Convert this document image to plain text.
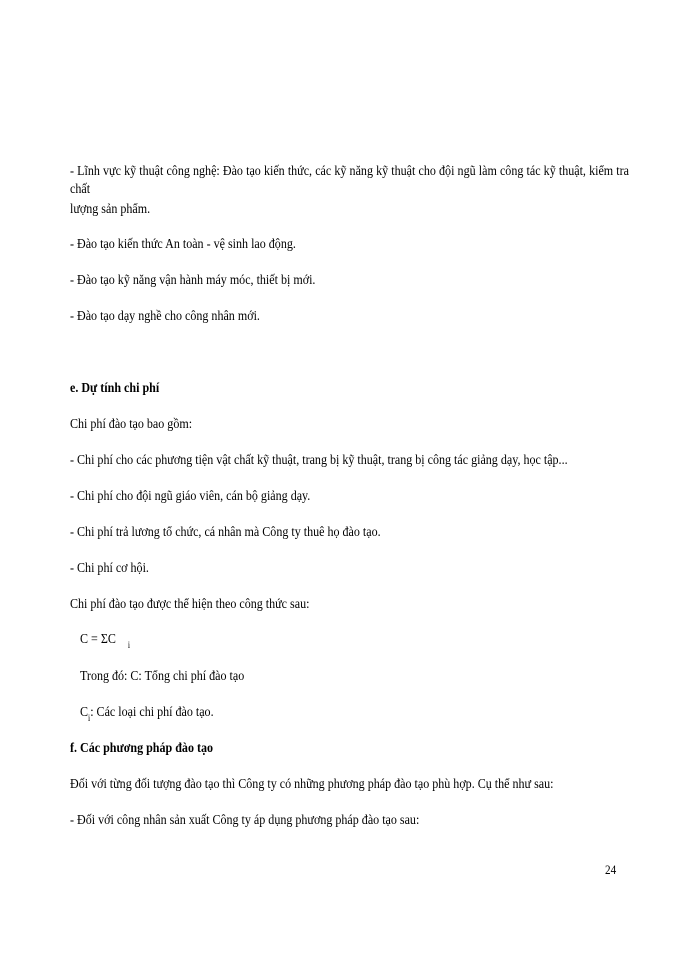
- Lĩnh vực kỹ thuật công nghệ: Đào tạo kiến thức, các kỹ năng kỹ thuật cho đội ngũ làm công tác kỹ thuật, kiểm tra chất
lượng sản phẩm.
- Đào tạo kiến thức An toàn - vệ sinh lao động.
- Đào tạo kỹ năng vận hành máy móc, thiết bị mới.
- Đào tạo dạy nghề cho công nhân mới.
e. Dự tính chi phí
Chi phí đào tạo bao gồm:
- Chi phí cho các phương tiện vật chất kỹ thuật, trang bị kỹ thuật, trang bị công tác giảng dạy, học tập...
- Chi phí cho đội ngũ giáo viên, cán bộ giảng dạy.
- Chi phí trả lương tổ chức, cá nhân mà Công ty thuê họ đào tạo.
- Chi phí cơ hội.
Chi phí đào tạo được thể hiện theo công thức sau:
C = ΣC $_i$
Trong đó: C: Tổng chi phí đào tạo
$C_i$: Các loại chi phí đào tạo.
f. Các phương pháp đào tạo
Đối với từng đối tượng đào tạo thì Công ty có những phương pháp đào tạo phù hợp. Cụ thể như sau:
- Đối với công nhân sản xuất Công ty áp dụng phương pháp đào tạo sau:
24
